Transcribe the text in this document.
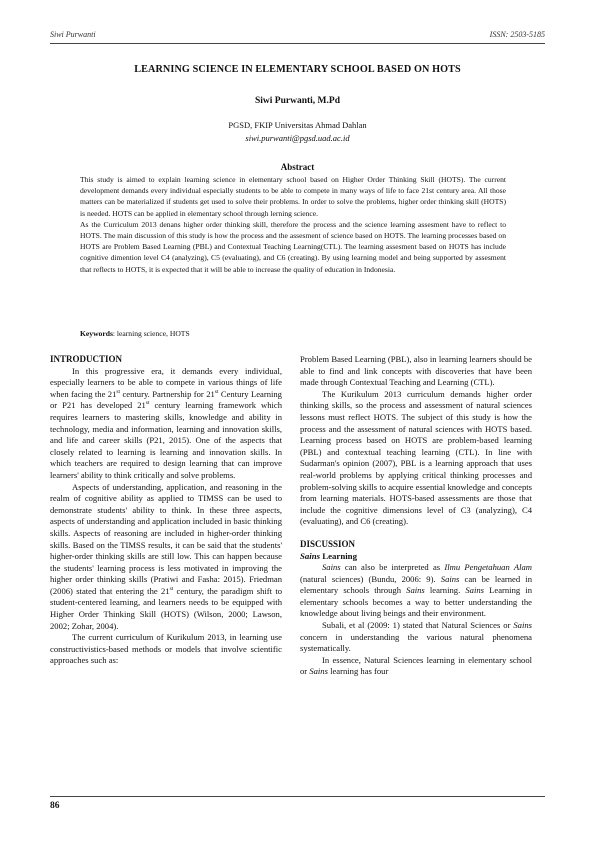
Siwi Purwanti	ISSN: 2503-5185
LEARNING SCIENCE IN ELEMENTARY SCHOOL BASED ON HOTS
Siwi Purwanti, M.Pd
PGSD, FKIP Universitas Ahmad Dahlan
siwi.purwanti@pgsd.uad.ac.id
Abstract

This study is aimed to explain learning science in elementary school based on Higher Order Thinking Skill (HOTS). The current development demands every individual especially students to be able to compete in many ways of life to face 21st century area. All those matters can be materialized if students get used to solve their problems. In order to solve the problems, higher order thinking skill (HOTS) is needed. HOTS can be applied in elementary school through lerning science.

As the Curriculum 2013 denans higher order thinking skill, therefore the process and the science learning assesment have to reflect to HOTS. The main discussion of this study is how the process and the assesment of science based on HOTS. The learning processes based on HOTS are Problem Based Learning (PBL) and Contextual Teaching Learning(CTL). The learning assesment based on HOTS has include cognitive dimention level C4 (analyzing), C5 (evaluating), and C6 (creating). By using learning model and being supported by assesment that reflects to HOTS, it is expected that it will be able to increase the quality of education in Indonesia.

Keywords: learning science, HOTS

INTRODUCTION

In this progressive era, it demands every individual, especially learners to be able to compete in various things of life when facing the 21st century. Partnership for 21st Century Learning or P21 has developed 21st century learning framework which requires learners to mastering skills, knowledge and ability in technology, media and information, learning and innovation skills, and life and career skills (P21, 2015). One of the aspects that closely related to learning is learning and innovation skills. In which teachers are required to design learning that can improve learners' ability to think critically and solve problems.

Aspects of understanding, application, and reasoning in the realm of cognitive ability as applied to TIMSS can be used to demonstrate students' ability to think. In these three aspects, aspects of understanding and application included in basic thinking skills. Aspects of reasoning are included in higher-order thinking skills. Based on the TIMSS results, it can be said that the students' higher-order thinking skills are still low. This can happen because the students' learning process is less motivated in improving the higher order thinking skills (Pratiwi and Fasha: 2015). Friedman (2006) stated that entering the 21st century, the paradigm shift to student-centered learning, and learners needs to be equipped with Higher Order Thinking Skill (HOTS) (Wilson, 2000; Lawson, 2002; Zohar, 2004).

The current curriculum of Kurikulum 2013, in learning use constructivistics-based methods or models that involve scientific approaches such as:

Problem Based Learning (PBL), also in learning learners should be able to find and link concepts with discoveries that have been made through Contextual Teaching and Learning (CTL).

The Kurikulum 2013 curriculum demands higher order thinking skills, so the process and assessment of natural sciences lessons must reflect HOTS. The subject of this study is how the process and the assessment of natural sciences with HOTS based. Learning process based on HOTS are problem-based learning (PBL) and contextual teaching learning (CTL). In line with Sudarman's opinion (2007), PBL is a learning approach that uses real-world problems by applying critical thinking processes and problem-solving skills to acquire essential knowledge and concepts from learning materials. HOTS-based assessments are those that include the cognitive dimensions level of C3 (analyzing), C4 (evaluating), and C6 (creating).

DISCUSSION

Sains Learning

Sains can also be interpreted as Ilmu Pengetahuan Alam (natural sciences) (Bundu, 2006: 9). Sains can be learned in elementary schools through Sains learning. Sains Learning in elementary schools becomes a way to better understanding the knowledge about living beings and their environment.

Subali, et al (2009: 1) stated that Natural Sciences or Sains concern in understanding the various natural phenomena systematically.

In essence, Natural Sciences learning in elementary school or Sains learning has four

86
